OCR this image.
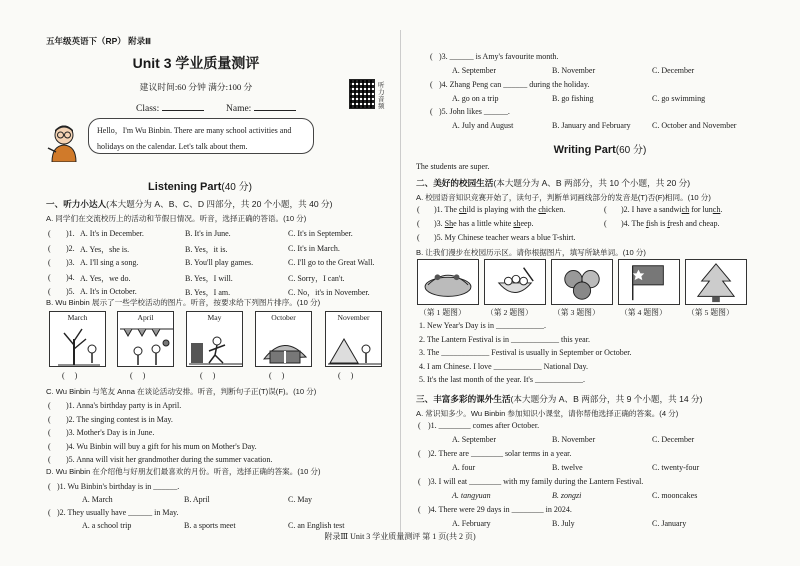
五年级英语下（RP） 附录Ⅲ
Unit 3 学业质量测评
建议时间:60 分钟 满分:100 分
Class:	Name:
听力音频
Hello，I'm Wu Binbin. There are many school activities and holidays on the calendar. Let's talk about them.
Listening Part(40 分)
一、听力小达人(本大题分为 A、B、C、D 四部分，共 20 个小题，共 40 分)
A. 同学们在交流校历上的活动和节假日情况。听音，选择正确的答语。(10 分)
( )1. A. It's in December.	B. It's in June.	C. It's in September.
( )2. A. Yes，she is.	B. Yes，it is.	C. It's in March.
( )3. A. I'll sing a song.	B. You'll play games.	C. I'll go to the Great Wall.
( )4. A. Yes，we do.	B. Yes，I will.	C. Sorry，I can't.
( )5. A. It's in October.	B. Yes，I am.	C. No，it's in November.
B. Wu Binbin 展示了一些学校活动的图片。听音，按要求给下列图片排序。(10 分)
March	April	May	October	November
(     )	(     )	(     )	(     )	(     )
C. Wu Binbin 与笔友 Anna 在谈论活动安排。听音，判断句子正(T)误(F)。(10 分)
( )1. Anna's birthday party is in April.
( )2. The singing contest is in May.
( )3. Mother's Day is in June.
( )4. Wu Binbin will buy a gift for his mum on Mother's Day.
( )5. Anna will visit her grandmother during the summer vacation.
D. Wu Binbin 在介绍他与好朋友们最喜欢的月份。听音，选择正确的答案。(10 分)
( )1. Wu Binbin's birthday is in ______.
A. March	B. April	C. May
( )2. They usually have ______ in May.
A. a school trip	B. a sports meet	C. an English test
( )3. ______ is Amy's favourite month.
A. September	B. November	C. December
( )4. Zhang Peng can ______ during the holiday.
A. go on a trip	B. go fishing	C. go swimming
( )5. John likes ______.
A. July and August	B. January and February	C. October and November
Writing Part(60 分)
The students are super.
二、美好的校园生活(本大题分为 A、B 两部分，共 10 个小题，共 20 分)
A. 校园语音知识竞赛开始了，读句子，判断单词画线部分的发音是(T)否(F)相同。(10 分)
( )1. The child is playing with the chicken.
( )3. She has a little white sheep.
( )5. My Chinese teacher wears a blue T-shirt.
( )2. I have a sandwich for lunch.
( )4. The fish is fresh and cheap.
B. 让我们漫步在校园历示区。请你根据图片，填写所缺单词。(10 分)
（第 1 题图）	（第 2 题图）	（第 3 题图）	（第 4 题图）	（第 5 题图）
1. New Year's Day is in ____________.
2. The Lantern Festival is in ____________ this year.
3. The ____________ Festival is usually in September or October.
4. I am Chinese. I love ____________ National Day.
5. It's the last month of the year. It's ____________.
三、丰富多彩的课外生活(本大题分为 A、B 两部分，共 9 个小题，共 14 分)
A. 常识知多少。Wu Binbin 参加知识小课堂，请你帮他选择正确的答案。(4 分)
( )1. ________ comes after October.
A. September	B. November	C. December
( )2. There are ________ solar terms in a year.
A. four	B. twelve	C. twenty-four
( )3. I will eat ________ with my family during the Lantern Festival.
A. tangyuan	B. zongzi	C. mooncakes
( )4. There were 29 days in ________ in 2024.
A. February	B. July	C. January
附录Ⅲ Unit 3 学业质量测评 第 1 页(共 2 页)
